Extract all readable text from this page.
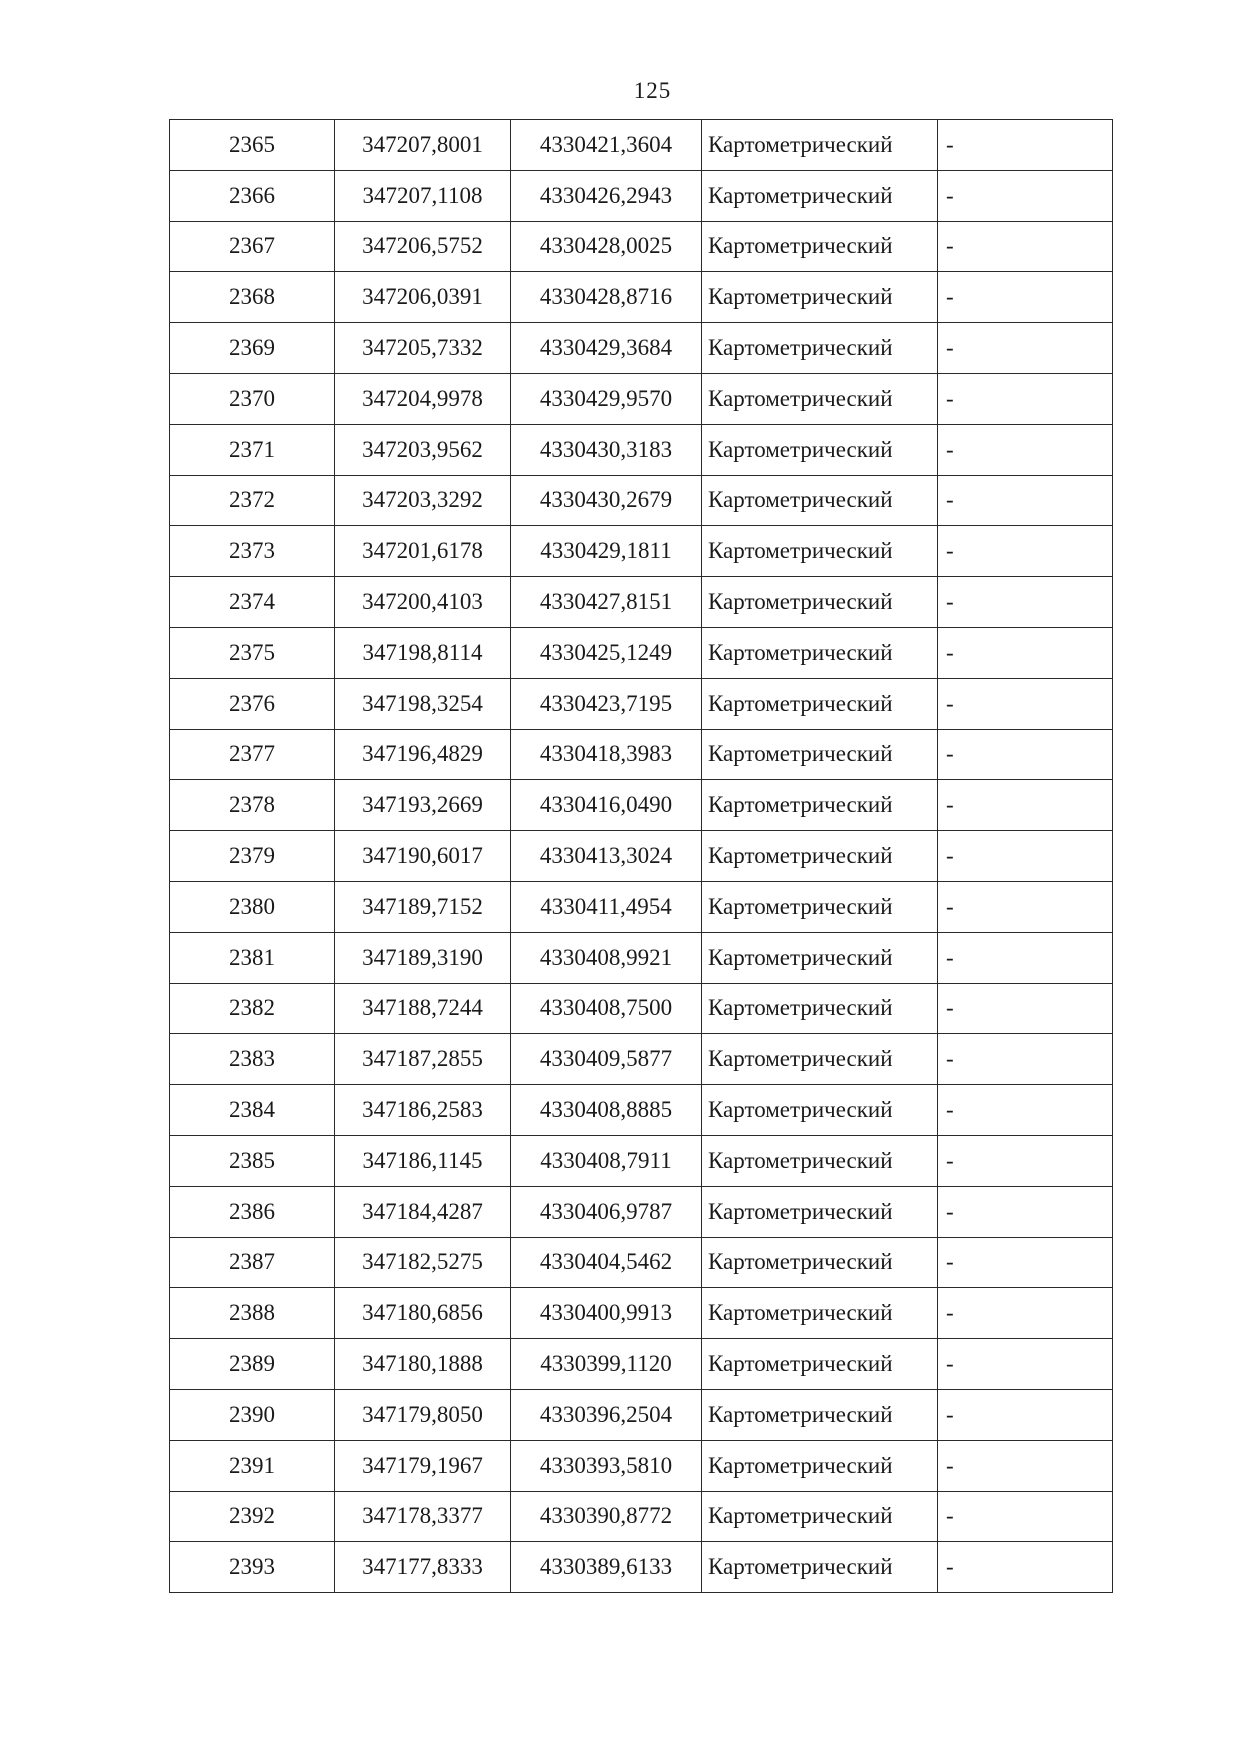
125
2365	347207,8001	4330421,3604	Картометрический	-
2366	347207,1108	4330426,2943	Картометрический	-
2367	347206,5752	4330428,0025	Картометрический	-
2368	347206,0391	4330428,8716	Картометрический	-
2369	347205,7332	4330429,3684	Картометрический	-
2370	347204,9978	4330429,9570	Картометрический	-
2371	347203,9562	4330430,3183	Картометрический	-
2372	347203,3292	4330430,2679	Картометрический	-
2373	347201,6178	4330429,1811	Картометрический	-
2374	347200,4103	4330427,8151	Картометрический	-
2375	347198,8114	4330425,1249	Картометрический	-
2376	347198,3254	4330423,7195	Картометрический	-
2377	347196,4829	4330418,3983	Картометрический	-
2378	347193,2669	4330416,0490	Картометрический	-
2379	347190,6017	4330413,3024	Картометрический	-
2380	347189,7152	4330411,4954	Картометрический	-
2381	347189,3190	4330408,9921	Картометрический	-
2382	347188,7244	4330408,7500	Картометрический	-
2383	347187,2855	4330409,5877	Картометрический	-
2384	347186,2583	4330408,8885	Картометрический	-
2385	347186,1145	4330408,7911	Картометрический	-
2386	347184,4287	4330406,9787	Картометрический	-
2387	347182,5275	4330404,5462	Картометрический	-
2388	347180,6856	4330400,9913	Картометрический	-
2389	347180,1888	4330399,1120	Картометрический	-
2390	347179,8050	4330396,2504	Картометрический	-
2391	347179,1967	4330393,5810	Картометрический	-
2392	347178,3377	4330390,8772	Картометрический	-
2393	347177,8333	4330389,6133	Картометрический	-
